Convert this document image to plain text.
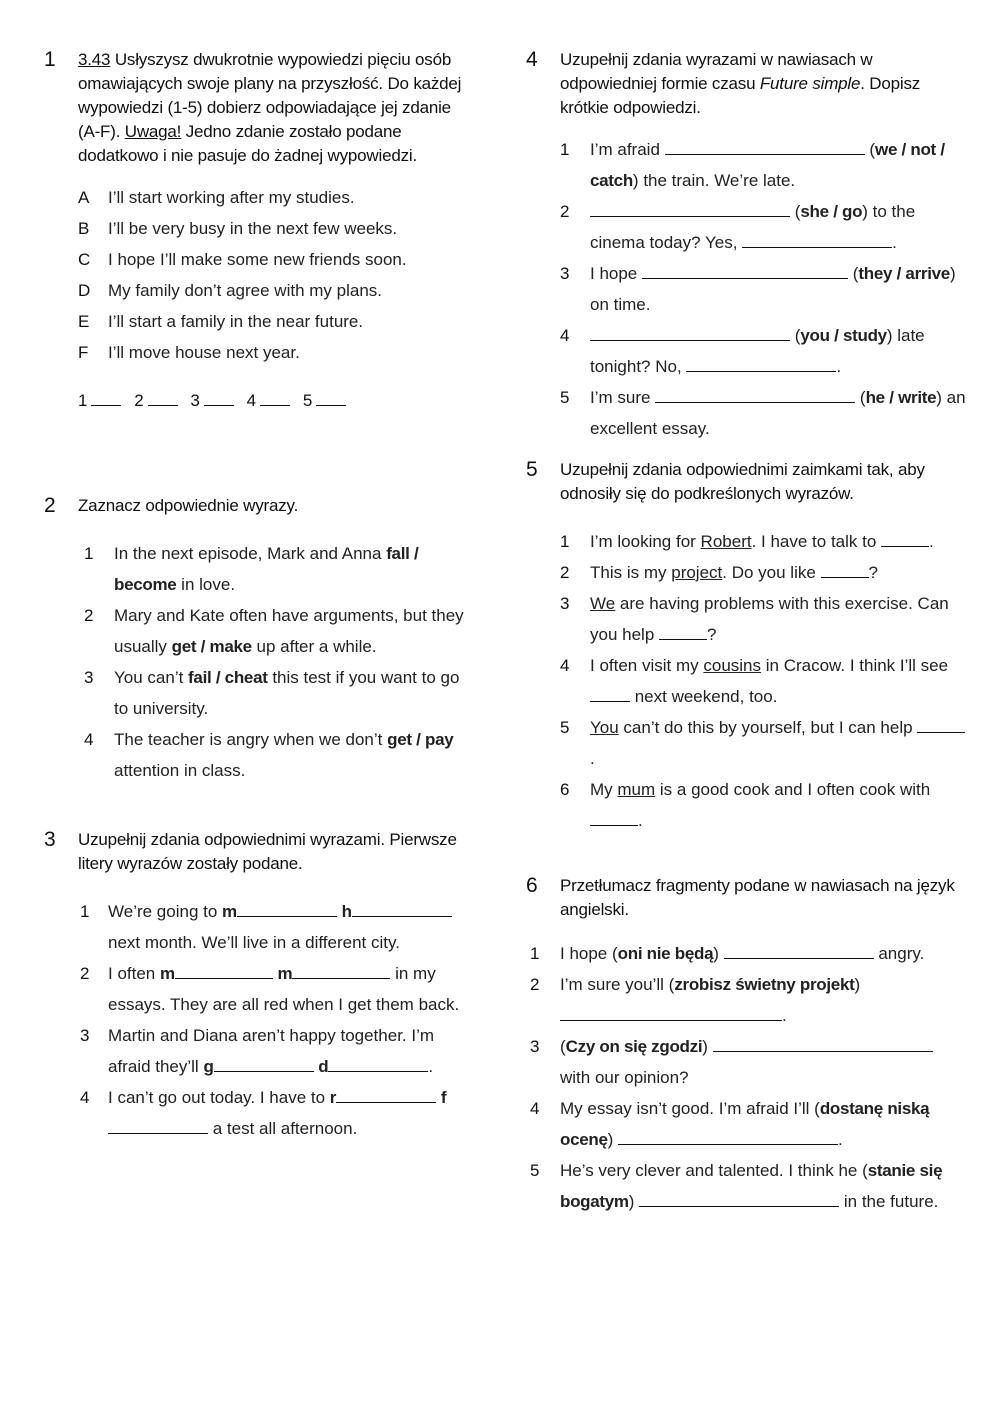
1 3.43 Usłyszysz dwukrotnie wypowiedzi pięciu osób omawiających swoje plany na przyszłość. Do każdej wypowiedzi (1-5) dobierz odpowiadające jej zdanie (A-F). Uwaga! Jedno zdanie zostało podane dodatkowo i nie pasuje do żadnej wypowiedzi.
A I’ll start working after my studies.
B I’ll be very busy in the next few weeks.
C I hope I’ll make some new friends soon.
D My family don’t agree with my plans.
E I’ll start a family in the near future.
F I’ll move house next year.
1	2	3	4	5
2 Zaznacz odpowiednie wyrazy.
1 In the next episode, Mark and Anna fall / become in love.
2 Mary and Kate often have arguments, but they usually get / make up after a while.
3 You can’t fail / cheat this test if you want to go to university.
4 The teacher is angry when we don’t get / pay attention in class.
3 Uzupełnij zdania odpowiednimi wyrazami. Pierwsze litery wyrazów zostały podane.
1 We’re going to m	h next month. We’ll live in a different city.
2 I often m	m	in my essays. They are all red when I get them back.
3 Martin and Diana aren’t happy together. I’m afraid they’ll g	d	.
4 I can’t go out today. I have to r	f a test all afternoon.
4 Uzupełnij zdania wyrazami w nawiasach w odpowiedniej formie czasu Future simple. Dopisz krótkie odpowiedzi.
1 I’m afraid	(we / not / catch) the train. We’re late.
2	(she / go) to the cinema today? Yes,	.
3 I hope	(they / arrive) on time.
4	(you / study) late tonight? No,	.
5 I’m sure	(he / write) an excellent essay.
5 Uzupełnij zdania odpowiednimi zaimkami tak, aby odnosiły się do podkreślonych wyrazów.
1 I’m looking for Robert. I have to talk to	.
2 This is my project. Do you like	?
3 We are having problems with this exercise. Can you help	?
4 I often visit my cousins in Cracow. I think I’ll see  next weekend, too.
5 You can’t do this by yourself, but I can help .
6 My mum is a good cook and I often cook with .
6 Przetłumacz fragmenty podane w nawiasach na język angielski.
1 I hope (oni nie będą)	angry.
2 I’m sure you’ll (zrobisz świetny projekt) .
3 (Czy on się zgodzi)  with our opinion?
4 My essay isn’t good. I’m afraid I’ll (dostanę niską ocenę)	.
5 He’s very clever and talented. I think he (stanie się bogatym)	in the future.
